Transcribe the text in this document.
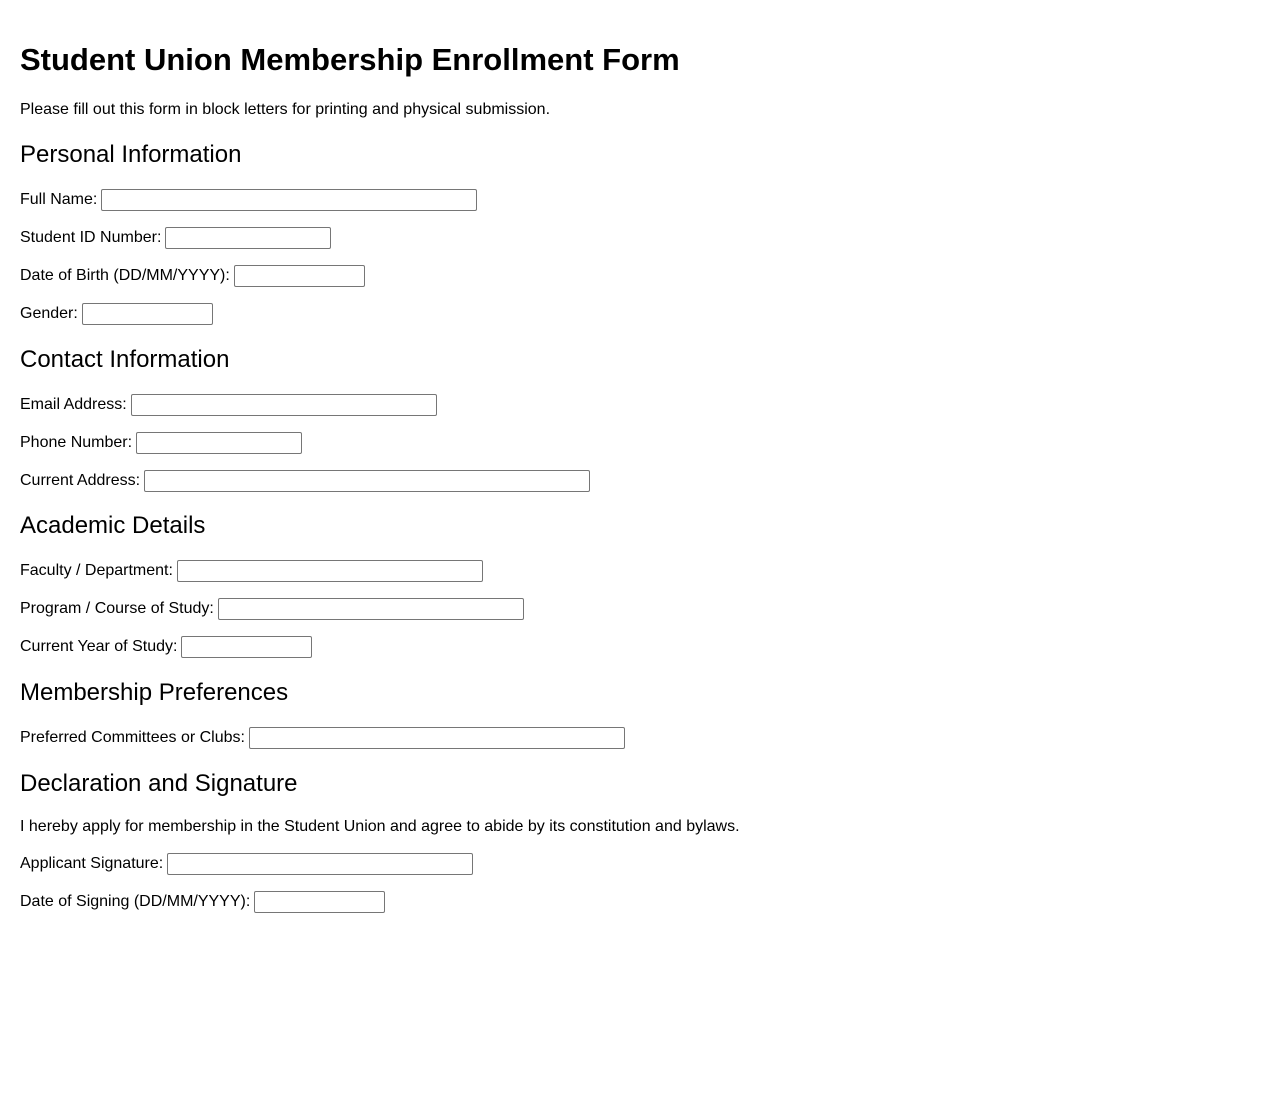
Student Union Membership Enrollment Form

Please fill out this form in block letters for printing and physical submission.

Personal Information
Full Name:
Student ID Number:
Date of Birth (DD/MM/YYYY):
Gender:
Contact Information
Email Address:
Phone Number:
Current Address:
Academic Details
Faculty / Department:
Program / Course of Study:
Current Year of Study:
Membership Preferences
Preferred Committees or Clubs:
Declaration and Signature

I hereby apply for membership in the Student Union and agree to abide by its constitution and bylaws.

Applicant Signature:
Date of Signing (DD/MM/YYYY):
